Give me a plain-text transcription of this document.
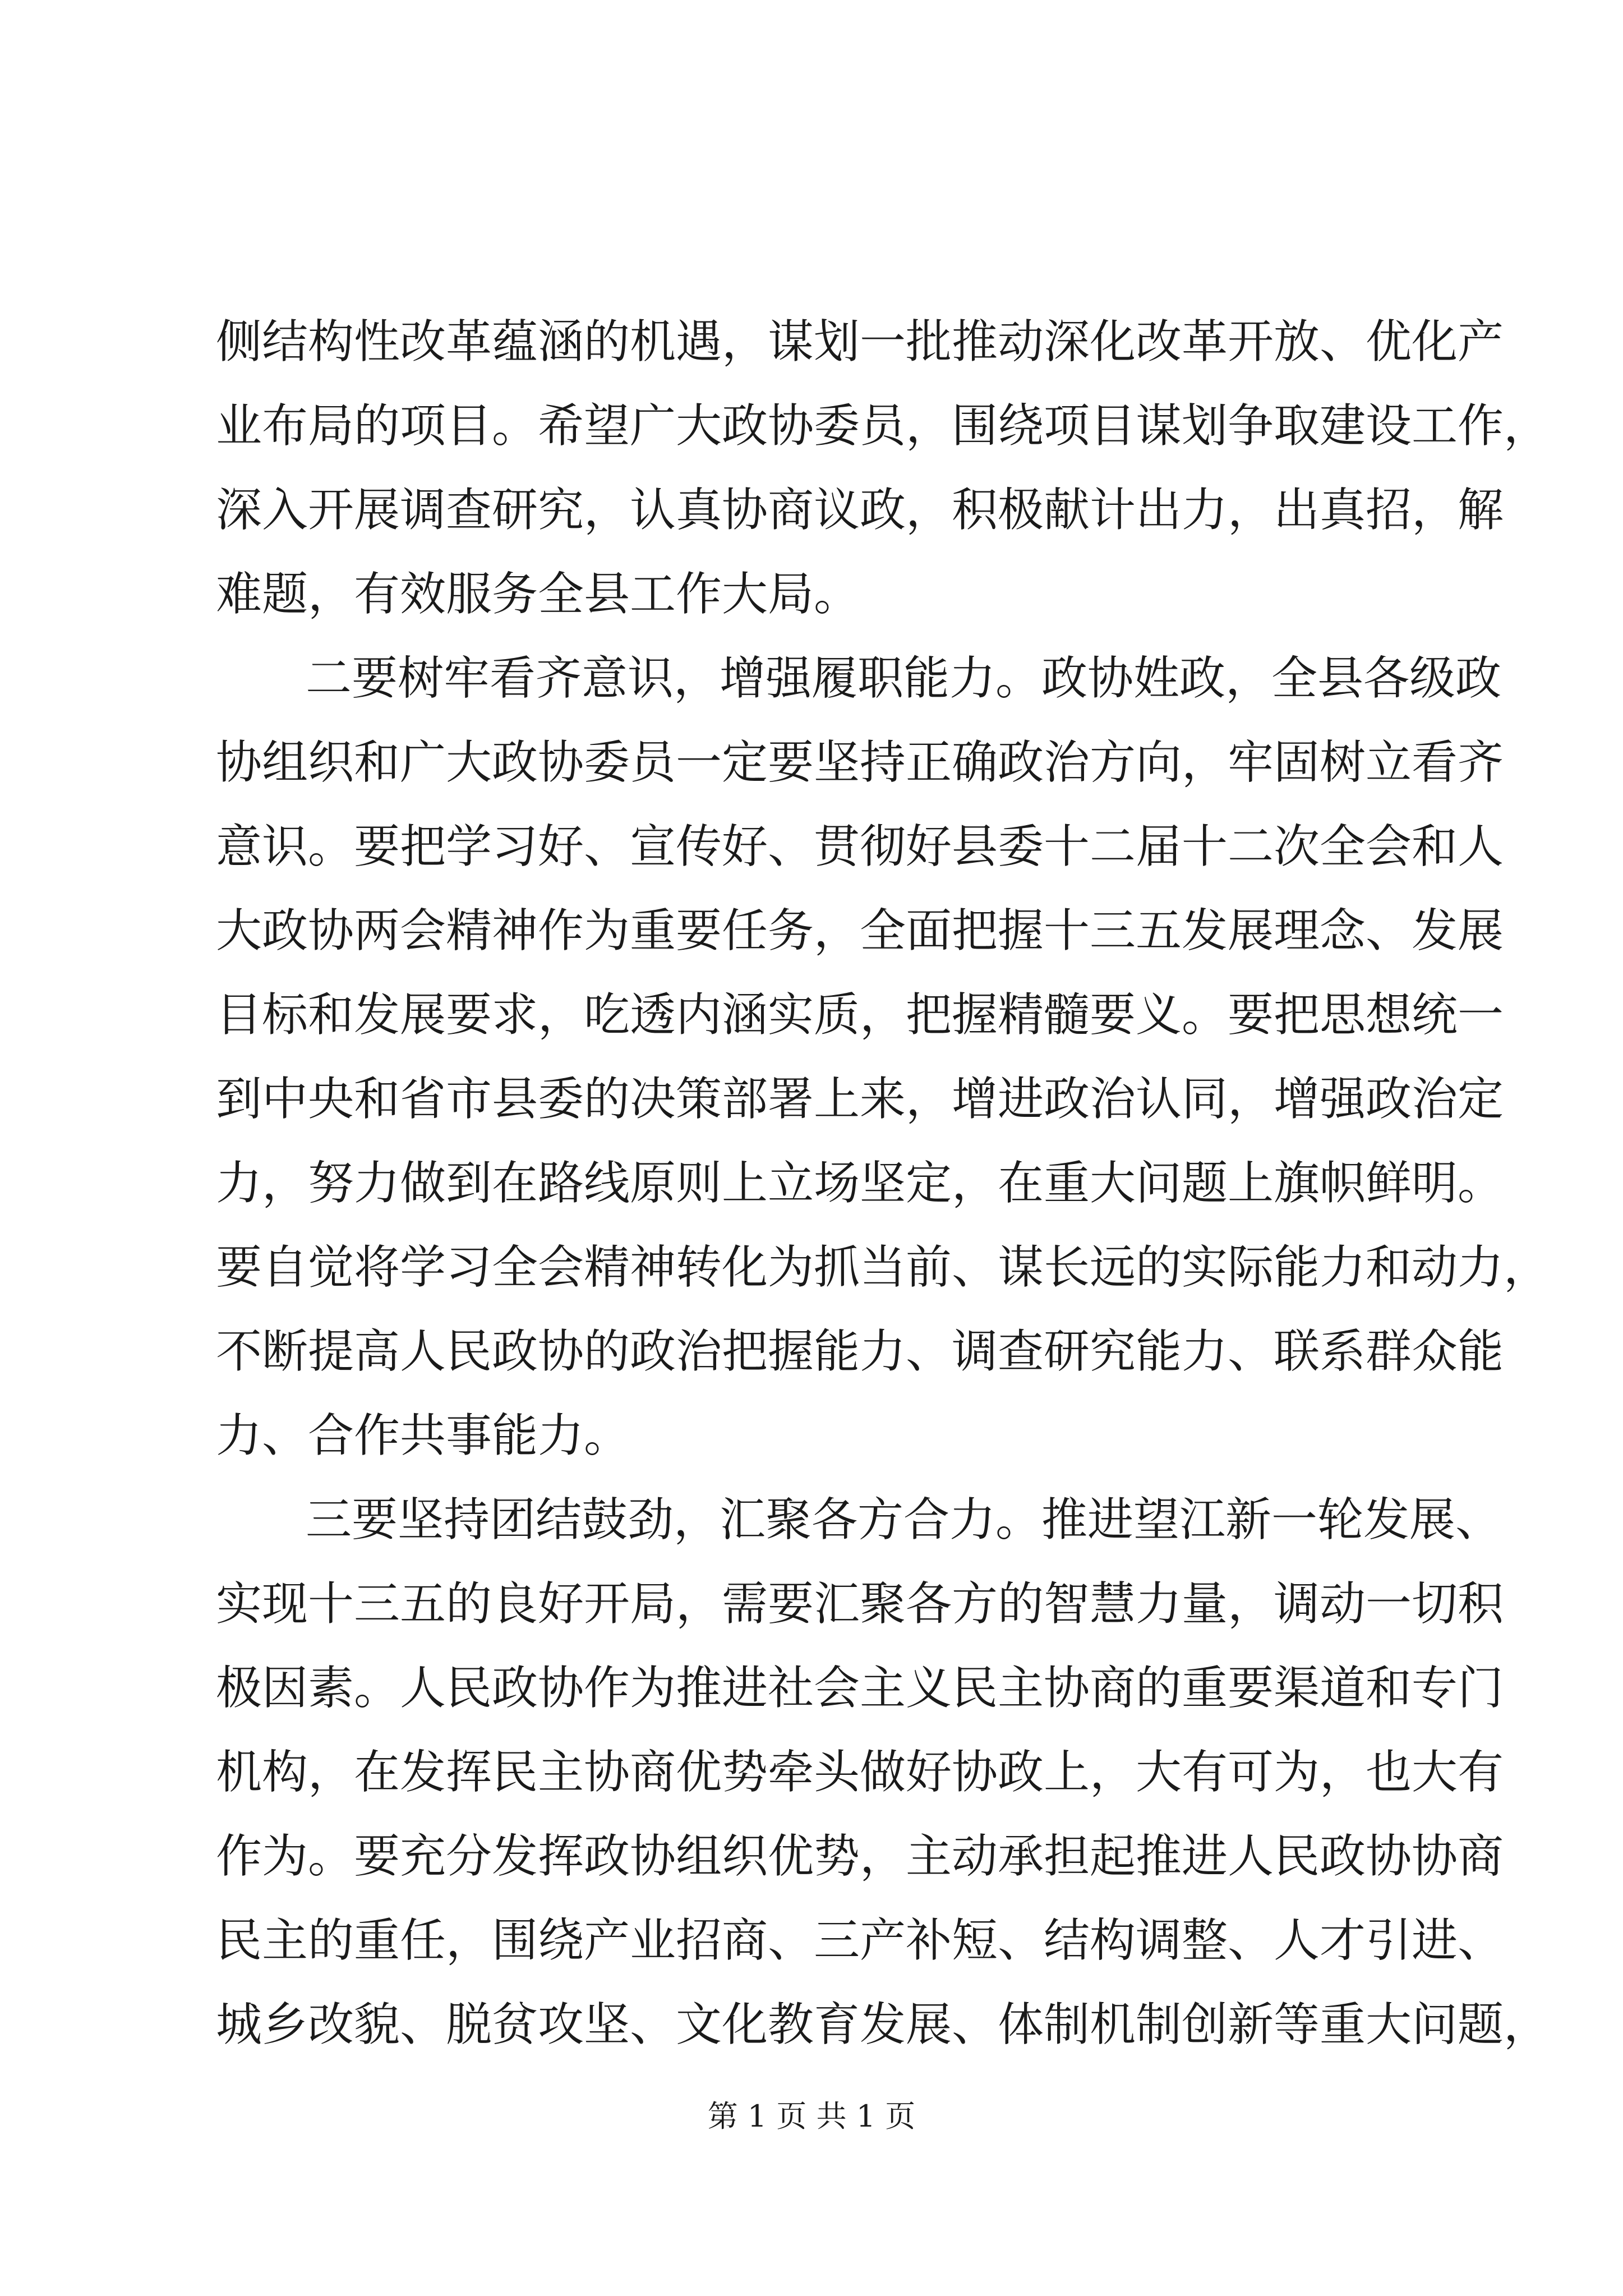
侧结构性改革蕴涵的机遇，谋划一批推动深化改革开放、优化产
业布局的项目。希望广大政协委员，围绕项目谋划争取建设工作，
深入开展调查研究，认真协商议政，积极献计出力，出真招，解
难题，有效服务全县工作大局。
二要树牢看齐意识，增强履职能力。政协姓政，全县各级政
协组织和广大政协委员一定要坚持正确政治方向，牢固树立看齐
意识。要把学习好、宣传好、贯彻好县委十二届十二次全会和人
大政协两会精神作为重要任务，全面把握十三五发展理念、发展
目标和发展要求，吃透内涵实质，把握精髓要义。要把思想统一
到中央和省市县委的决策部署上来，增进政治认同，增强政治定
力，努力做到在路线原则上立场坚定，在重大问题上旗帜鲜明。
要自觉将学习全会精神转化为抓当前、谋长远的实际能力和动力，
不断提高人民政协的政治把握能力、调查研究能力、联系群众能
力、合作共事能力。
三要坚持团结鼓劲，汇聚各方合力。推进望江新一轮发展、
实现十三五的良好开局，需要汇聚各方的智慧力量，调动一切积
极因素。人民政协作为推进社会主义民主协商的重要渠道和专门
机构，在发挥民主协商优势牵头做好协政上，大有可为，也大有
作为。要充分发挥政协组织优势，主动承担起推进人民政协协商
民主的重任，围绕产业招商、三产补短、结构调整、人才引进、
城乡改貌、脱贫攻坚、文化教育发展、体制机制创新等重大问题，
第 1 页 共 1 页
